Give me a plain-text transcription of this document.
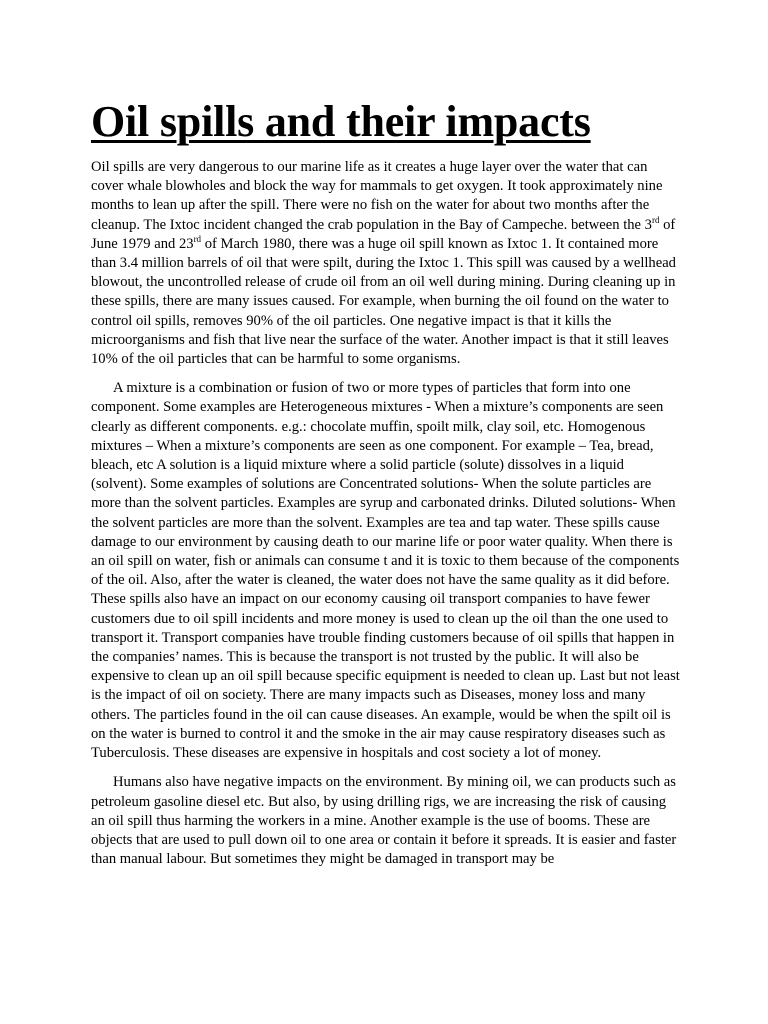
Oil spills and their impacts

Oil spills are very dangerous to our marine life as it creates a huge layer over the water that can cover whale blowholes and block the way for mammals to get oxygen. It took approximately nine months to lean up after the spill. There were no fish on the water for about two months after the cleanup. The Ixtoc incident changed the crab population in the Bay of Campeche. between the 3rd of June 1979 and 23rd of March 1980, there was a huge oil spill known as Ixtoc 1. It contained more than 3.4 million barrels of oil that were spilt, during the Ixtoc 1. This spill was caused by a wellhead blowout, the uncontrolled release of crude oil from an oil well during mining. During cleaning up in these spills, there are many issues caused. For example, when burning the oil found on the water to control oil spills, removes 90% of the oil particles. One negative impact is that it kills the microorganisms and fish that live near the surface of the water. Another impact is that it still leaves 10% of the oil particles that can be harmful to some organisms.

A mixture is a combination or fusion of two or more types of particles that form into one component. Some examples are Heterogeneous mixtures - When a mixture’s components are seen clearly as different components. e.g.: chocolate muffin, spoilt milk, clay soil, etc. Homogenous mixtures – When a mixture’s components are seen as one component. For example – Tea, bread, bleach, etc A solution is a liquid mixture where a solid particle (solute) dissolves in a liquid (solvent). Some examples of solutions are Concentrated solutions- When the solute particles are more than the solvent particles. Examples are syrup and carbonated drinks. Diluted solutions- When the solvent particles are more than the solvent. Examples are tea and tap water. These spills cause damage to our environment by causing death to our marine life or poor water quality. When there is an oil spill on water, fish or animals can consume t and it is toxic to them because of the components of the oil. Also, after the water is cleaned, the water does not have the same quality as it did before. These spills also have an impact on our economy causing oil transport companies to have fewer customers due to oil spill incidents and more money is used to clean up the oil than the one used to transport it. Transport companies have trouble finding customers because of oil spills that happen in the companies’ names. This is because the transport is not trusted by the public. It will also be expensive to clean up an oil spill because specific equipment is needed to clean up. Last but not least is the impact of oil on society. There are many impacts such as Diseases, money loss and many others. The particles found in the oil can cause diseases. An example, would be when the spilt oil is on the water is burned to control it and the smoke in the air may cause respiratory diseases such as Tuberculosis. These diseases are expensive in hospitals and cost society a lot of money.

Humans also have negative impacts on the environment. By mining oil, we can products such as petroleum gasoline diesel etc. But also, by using drilling rigs, we are increasing the risk of causing an oil spill thus harming the workers in a mine. Another example is the use of booms. These are objects that are used to pull down oil to one area or contain it before it spreads. It is easier and faster than manual labour. But sometimes they might be damaged in transport may be
